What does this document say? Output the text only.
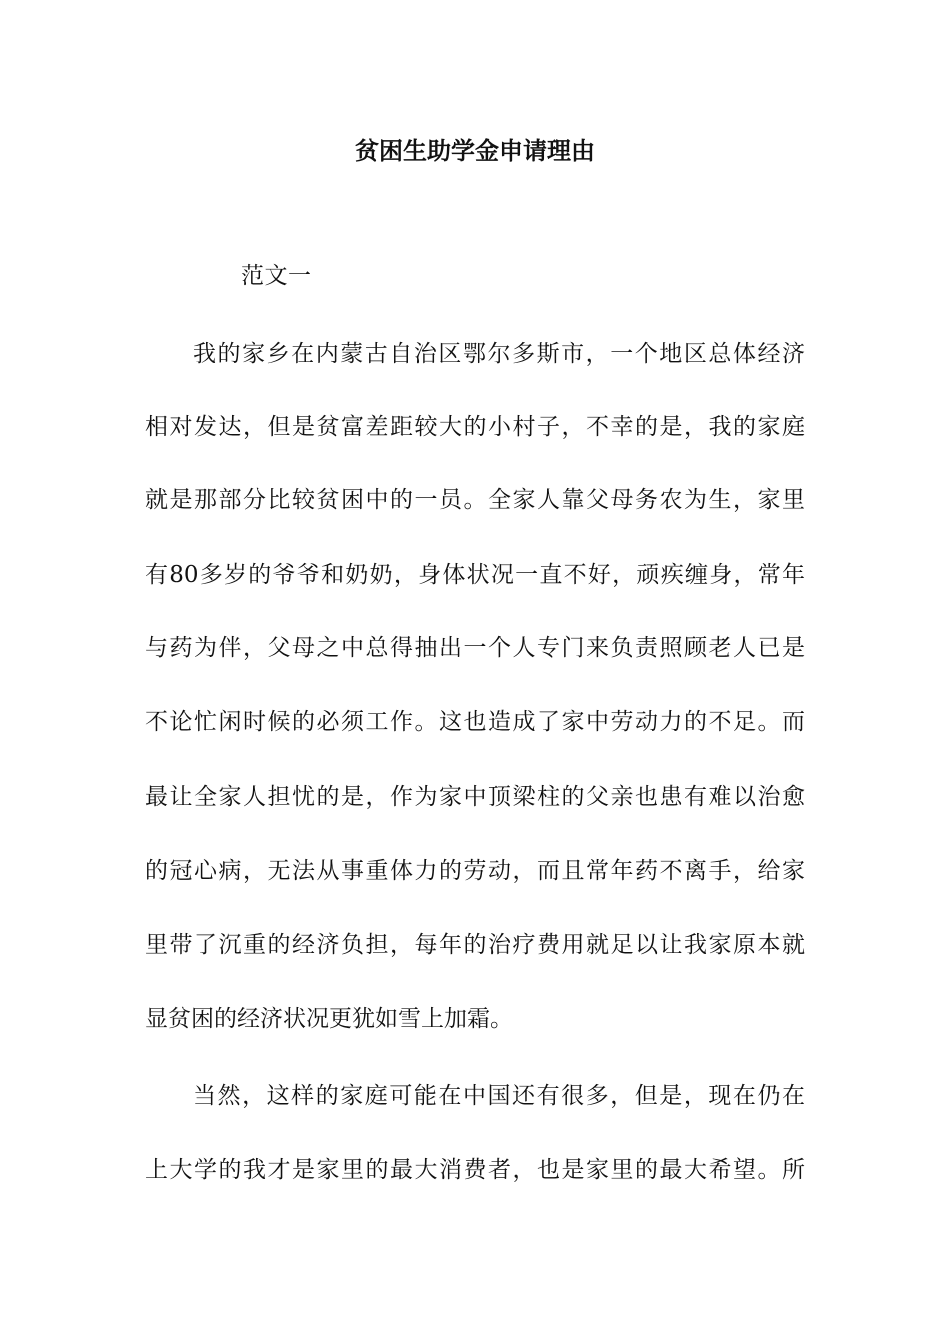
贫困生助学金申请理由
范文一
我的家乡在内蒙古自治区鄂尔多斯市，一个地区总体经济
相对发达，但是贫富差距较大的小村子，不幸的是，我的家庭
就是那部分比较贫困中的一员。全家人靠父母务农为生，家里
有80多岁的爷爷和奶奶，身体状况一直不好，顽疾缠身，常年
与药为伴，父母之中总得抽出一个人专门来负责照顾老人已是
不论忙闲时候的必须工作。这也造成了家中劳动力的不足。而
最让全家人担忧的是，作为家中顶梁柱的父亲也患有难以治愈
的冠心病，无法从事重体力的劳动，而且常年药不离手，给家
里带了沉重的经济负担，每年的治疗费用就足以让我家原本就
显贫困的经济状况更犹如雪上加霜。
当然，这样的家庭可能在中国还有很多，但是，现在仍在
上大学的我才是家里的最大消费者，也是家里的最大希望。所
